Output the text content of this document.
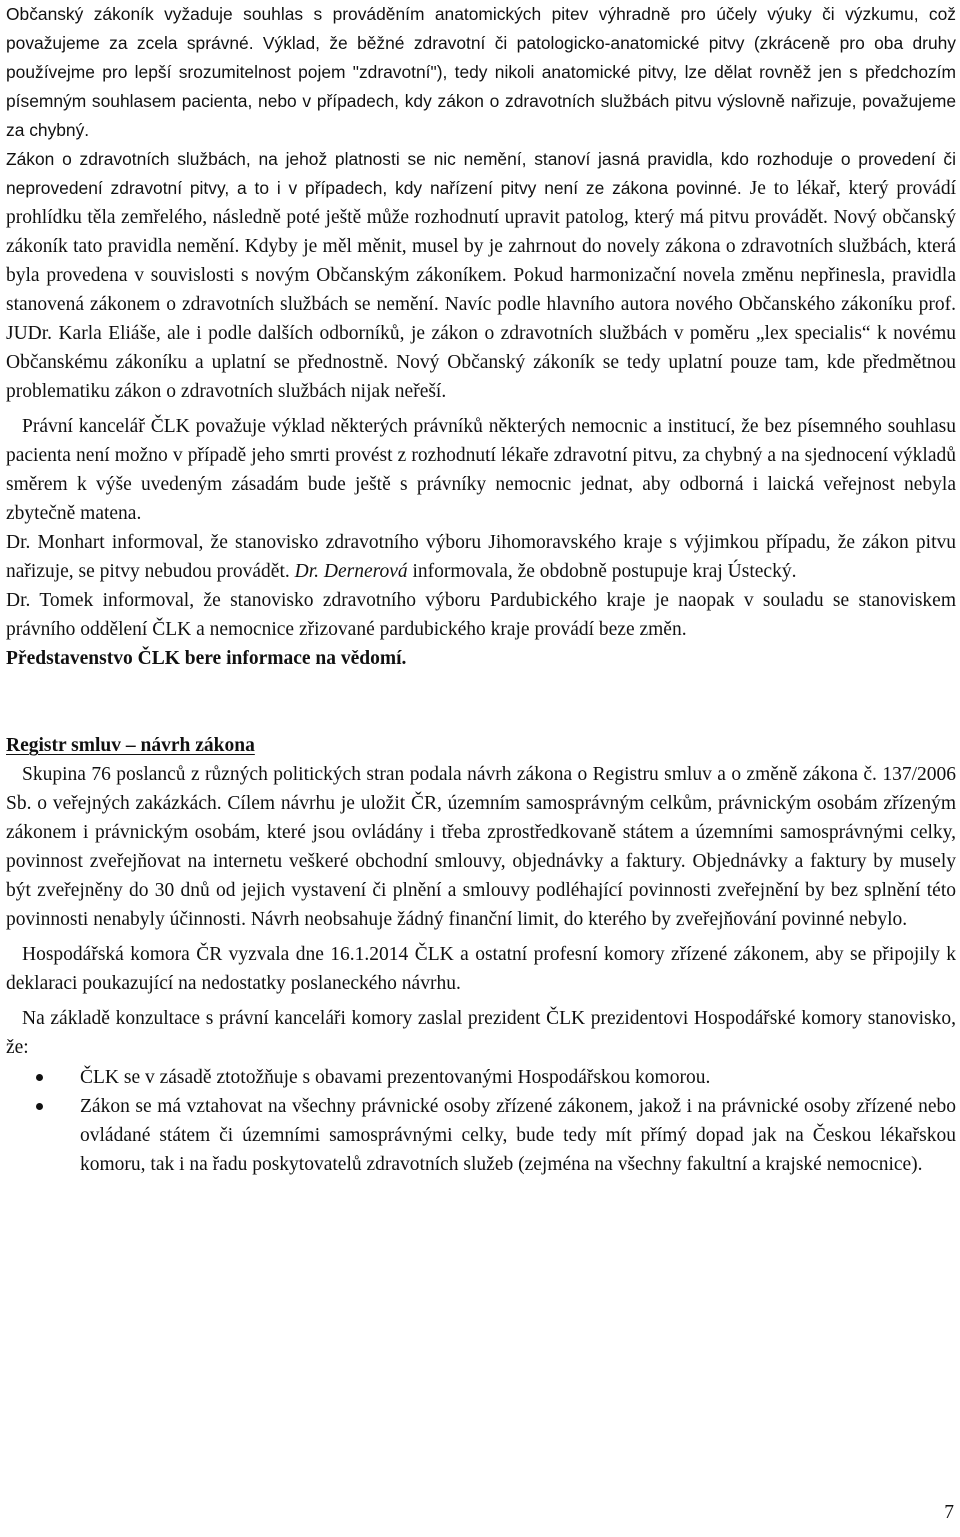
Občanský zákoník vyžaduje souhlas s prováděním anatomických pitev výhradně pro účely výuky či výzkumu, což považujeme za zcela správné. Výklad, že běžné zdravotní či patologicko-anatomické pitvy (zkráceně pro oba druhy používejme pro lepší srozumitelnost pojem "zdravotní"), tedy nikoli anatomické pitvy, lze dělat rovněž jen s předchozím písemným souhlasem pacienta, nebo v případech, kdy zákon o zdravotních službách pitvu výslovně nařizuje, považujeme za chybný.

Zákon o zdravotních službách, na jehož platnosti se nic nemění, stanoví jasná pravidla, kdo rozhoduje o provedení či neprovedení zdravotní pitvy, a to i v případech, kdy nařízení pitvy není ze zákona povinné. Je to lékař, který provádí prohlídku těla zemřelého, následně poté ještě může rozhodnutí upravit patolog, který má pitvu provádět. Nový občanský zákoník tato pravidla nemění. Kdyby je měl měnit, musel by je zahrnout do novely zákona o zdravotních službách, která byla provedena v souvislosti s novým Občanským zákoníkem. Pokud harmonizační novela změnu nepřinesla, pravidla stanovená zákonem o zdravotních službách se nemění. Navíc podle hlavního autora nového Občanského zákoníku prof. JUDr. Karla Eliáše, ale i podle dalších odborníků, je zákon o zdravotních službách v poměru „lex specialis“ k novému Občanskému zákoníku a uplatní se přednostně. Nový Občanský zákoník se tedy uplatní pouze tam, kde předmětnou problematiku zákon o zdravotních službách nijak neřeší.

Právní kancelář ČLK považuje výklad některých právníků některých nemocnic a institucí, že bez písemného souhlasu pacienta není možno v případě jeho smrti provést z rozhodnutí lékaře zdravotní pitvu, za chybný a na sjednocení výkladů směrem k výše uvedeným zásadám bude ještě s právníky nemocnic jednat, aby odborná i laická veřejnost nebyla zbytečně matena.

Dr. Monhart informoval, že stanovisko zdravotního výboru Jihomoravského kraje s výjimkou případu, že zákon pitvu nařizuje, se pitvy nebudou provádět. Dr. Dernerová informovala, že obdobně postupuje kraj Ústecký.

Dr. Tomek informoval, že stanovisko zdravotního výboru Pardubického kraje je naopak v souladu se stanoviskem právního oddělení ČLK a nemocnice zřizované pardubického kraje provádí beze změn.

Představenstvo ČLK bere informace na vědomí.

Registr smluv – návrh zákona

Skupina 76 poslanců z různých politických stran podala návrh zákona o Registru smluv a o změně zákona č. 137/2006 Sb. o veřejných zakázkách. Cílem návrhu je uložit ČR, územním samosprávným celkům, právnickým osobám zřízeným zákonem i právnickým osobám, které jsou ovládány i třeba zprostředkovaně státem a územními samosprávnými celky, povinnost zveřejňovat na internetu veškeré obchodní smlouvy, objednávky a faktury. Objednávky a faktury by musely být zveřejněny do 30 dnů od jejich vystavení či plnění a smlouvy podléhající povinnosti zveřejnění by bez splnění této povinnosti nenabyly účinnosti. Návrh neobsahuje žádný finanční limit, do kterého by zveřejňování povinné nebylo.

Hospodářská komora ČR vyzvala dne 16.1.2014 ČLK a ostatní profesní komory zřízené zákonem, aby se připojily k deklaraci poukazující na nedostatky poslaneckého návrhu.

Na základě konzultace s právní kanceláři komory zaslal prezident ČLK prezidentovi Hospodářské komory stanovisko, že:

ČLK se v zásadě ztotožňuje s obavami prezentovanými Hospodářskou komorou.
Zákon se má vztahovat na všechny právnické osoby zřízené zákonem, jakož i na právnické osoby zřízené nebo ovládané státem či územními samosprávnými celky, bude tedy mít přímý dopad jak na Českou lékařskou komoru, tak i na řadu poskytovatelů zdravotních služeb (zejména na všechny fakultní a krajské nemocnice).
7
